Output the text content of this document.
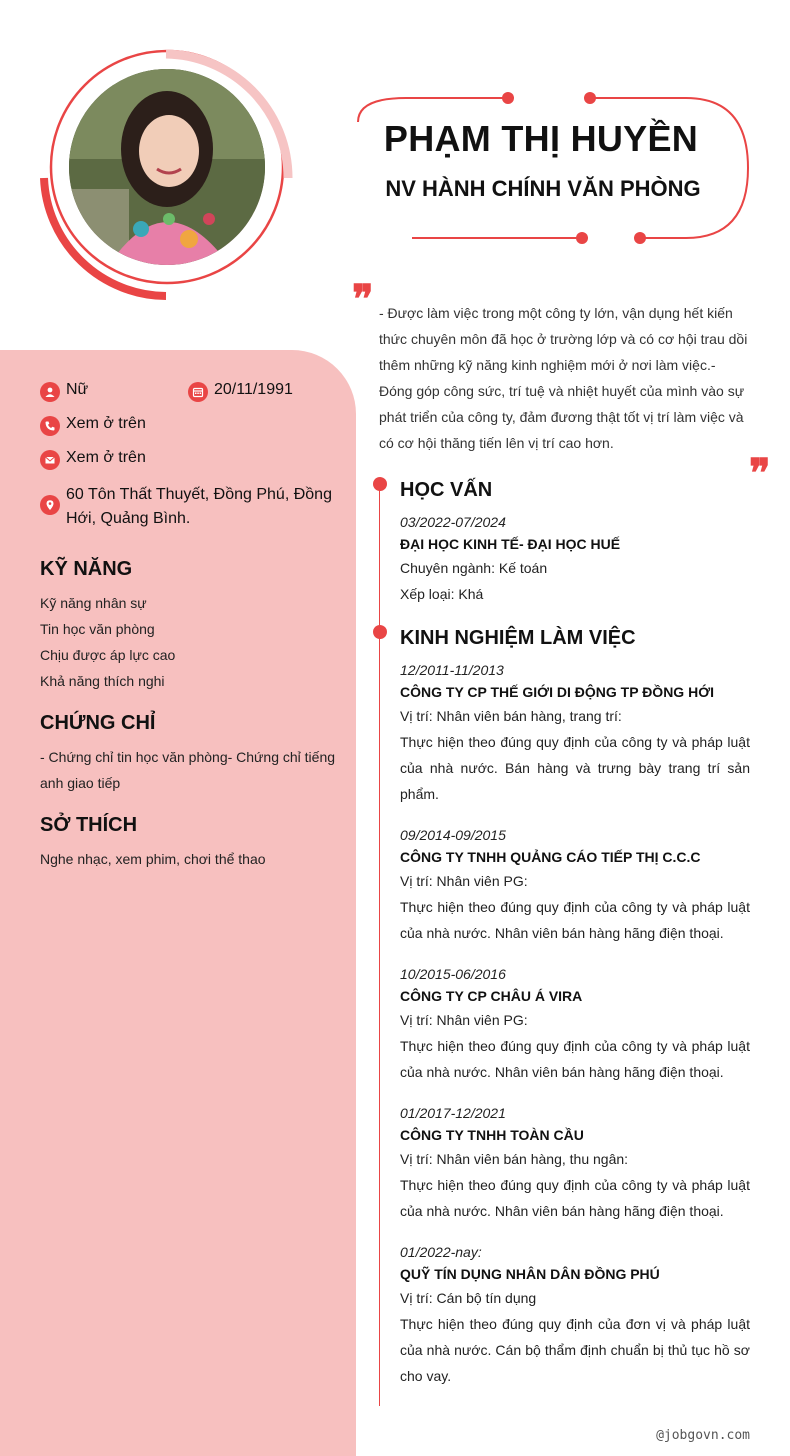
PHẠM THỊ HUYỀN
NV HÀNH CHÍNH VĂN PHÒNG
❞ - Được làm việc trong một công ty lớn, vận dụng hết kiến thức chuyên môn đã học ở trường lớp và có cơ hội trau dồi thêm những kỹ năng kinh nghiệm mới ở nơi làm việc.- Đóng góp công sức, trí tuệ và nhiệt huyết của mình vào sự phát triển của công ty, đảm đương thật tốt vị trí làm việc và có cơ hội thăng tiến lên vị trí cao hơn.
❞
Nữ	20/11/1991
Xem ở trên
Xem ở trên
60 Tôn Thất Thuyết, Đồng Phú, Đồng Hới, Quảng Bình.
KỸ NĂNG
Kỹ năng nhân sự
Tin học văn phòng
Chịu được áp lực cao
Khả năng thích nghi
CHỨNG CHỈ
- Chứng chỉ tin học văn phòng- Chứng chỉ tiếng anh giao tiếp
SỞ THÍCH
Nghe nhạc, xem phim, chơi thể thao
HỌC VẤN
03/2022-07/2024
ĐẠI HỌC KINH TẾ- ĐẠI HỌC HUẾ
Chuyên ngành: Kế toán
Xếp loại: Khá
KINH NGHIỆM LÀM VIỆC
12/2011-11/2013
CÔNG TY CP THẾ GIỚI DI ĐỘNG TP ĐỒNG HỚI
Vị trí: Nhân viên bán hàng, trang trí:
Thực hiện theo đúng quy định của công ty và pháp luật của nhà nước. Bán hàng và trưng bày trang trí sản phẩm.
09/2014-09/2015
CÔNG TY TNHH QUẢNG CÁO TIẾP THỊ C.C.C
Vị trí: Nhân viên PG:
Thực hiện theo đúng quy định của công ty và pháp luật của nhà nước. Nhân viên bán hàng hãng điện thoại.
10/2015-06/2016
CÔNG TY CP CHÂU Á VIRA
Vị trí: Nhân viên PG:
Thực hiện theo đúng quy định của công ty và pháp luật của nhà nước. Nhân viên bán hàng hãng điện thoại.
01/2017-12/2021
CÔNG TY TNHH TOÀN CẦU
Vị trí: Nhân viên bán hàng, thu ngân:
Thực hiện theo đúng quy định của công ty và pháp luật của nhà nước. Nhân viên bán hàng hãng điện thoại.
01/2022-nay:
QUỸ TÍN DỤNG NHÂN DÂN ĐỒNG PHÚ
Vị trí: Cán bộ tín dụng
Thực hiện theo đúng quy định của đơn vị và pháp luật của nhà nước. Cán bộ thẩm định chuẩn bị thủ tục hồ sơ cho vay.
@jobgovn.com
